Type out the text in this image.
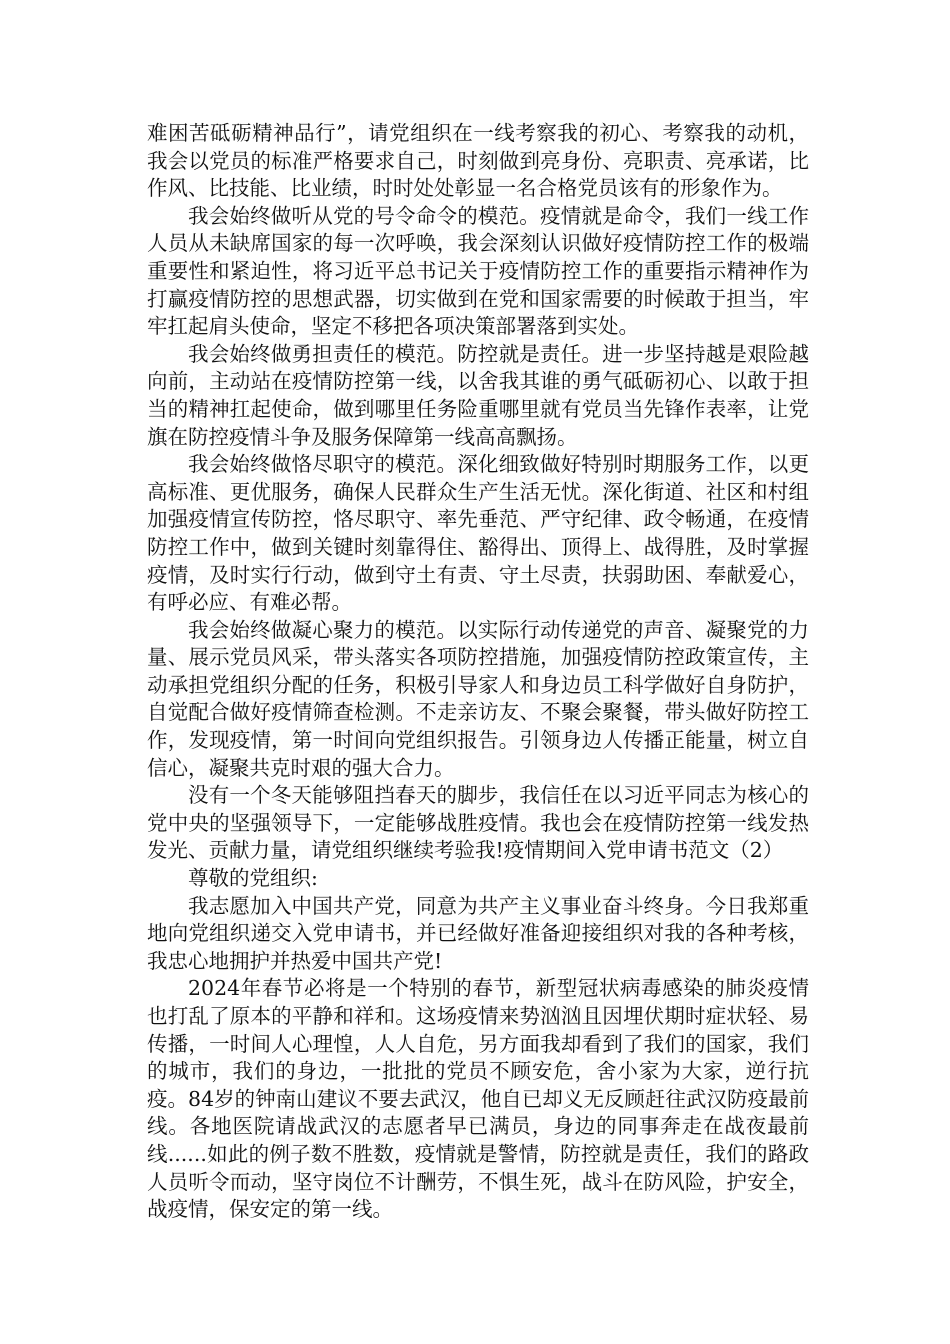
难困苦砥砺精神品行”，请党组织在一线考察我的初心、考察我的动机，我会以党员的标准严格要求自己，时刻做到亮身份、亮职责、亮承诺，比作风、比技能、比业绩，时时处处彰显一名合格党员该有的形象作为。

我会始终做听从党的号令命令的模范。疫情就是命令，我们一线工作人员从未缺席国家的每一次呼唤，我会深刻认识做好疫情防控工作的极端重要性和紧迫性，将习近平总书记关于疫情防控工作的重要指示精神作为打赢疫情防控的思想武器，切实做到在党和国家需要的时候敢于担当，牢牢扛起肩头使命，坚定不移把各项决策部署落到实处。

我会始终做勇担责任的模范。防控就是责任。进一步坚持越是艰险越向前，主动站在疫情防控第一线，以舍我其谁的勇气砥砺初心、以敢于担当的精神扛起使命，做到哪里任务险重哪里就有党员当先锋作表率，让党旗在防控疫情斗争及服务保障第一线高高飘扬。

我会始终做恪尽职守的模范。深化细致做好特别时期服务工作，以更高标准、更优服务，确保人民群众生产生活无忧。深化街道、社区和村组加强疫情宣传防控，恪尽职守、率先垂范、严守纪律、政令畅通，在疫情防控工作中，做到关键时刻靠得住、豁得出、顶得上、战得胜，及时掌握疫情，及时实行行动，做到守土有责、守土尽责，扶弱助困、奉献爱心，有呼必应、有难必帮。

我会始终做凝心聚力的模范。以实际行动传递党的声音、凝聚党的力量、展示党员风采，带头落实各项防控措施，加强疫情防控政策宣传，主动承担党组织分配的任务，积极引导家人和身边员工科学做好自身防护，自觉配合做好疫情筛查检测。不走亲访友、不聚会聚餐，带头做好防控工作，发现疫情，第一时间向党组织报告。引领身边人传播正能量，树立自信心，凝聚共克时艰的强大合力。

没有一个冬天能够阻挡春天的脚步，我信任在以习近平同志为核心的党中央的坚强领导下，一定能够战胜疫情。我也会在疫情防控第一线发热发光、贡献力量，请党组织继续考验我!疫情期间入党申请书范文（2）

尊敬的党组织:

我志愿加入中国共产党，同意为共产主义事业奋斗终身。今日我郑重地向党组织递交入党申请书，并已经做好准备迎接组织对我的各种考核，我忠心地拥护并热爱中国共产党!

2024年春节必将是一个特别的春节，新型冠状病毒感染的肺炎疫情也打乱了原本的平静和祥和。这场疫情来势汹汹且因埋伏期时症状轻、易传播，一时间人心理惶，人人自危，另方面我却看到了我们的国家，我们的城市，我们的身边，一批批的党员不顾安危，舍小家为大家，逆行抗疫。84岁的钟南山建议不要去武汉，他自已却义无反顾赶往武汉防疫最前线。各地医院请战武汉的志愿者早已满员，身边的同事奔走在战夜最前线......如此的例子数不胜数，疫情就是警情，防控就是责任，我们的路政人员听令而动，坚守岗位不计酬劳，不惧生死，战斗在防风险，护安全，战疫情，保安定的第一线。
